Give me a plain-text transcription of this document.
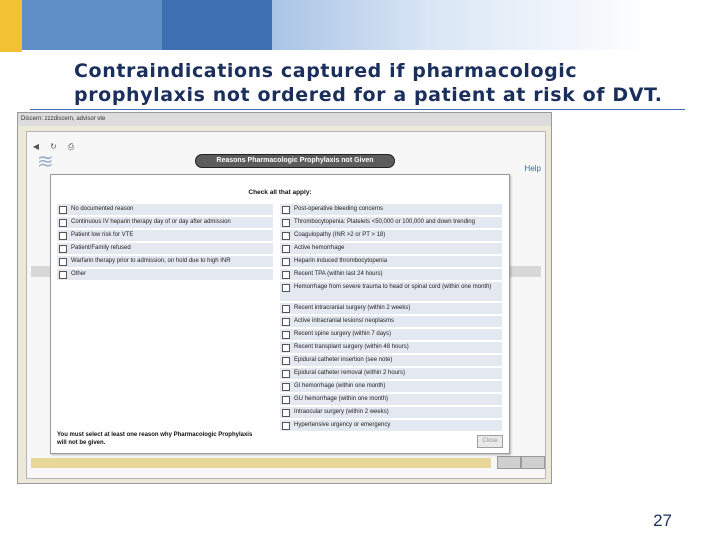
Contraindications captured if pharmacologic prophylaxis not ordered for a patient at risk of DVT.
Discern: zzzdiscern, advisor vte
◀ ↻ ⎙
≋	Reasons Pharmacologic Prophylaxis not Given
Help
Check all that apply:
No documented reason
Continuous IV heparin therapy day of or day after admission
Patient low risk for VTE
Patient/Family refused
Warfarin therapy prior to admission, on hold due to high INR
Other
Post-operative bleeding concerns
Thrombocytopenia: Platelets <50,000 or 100,000 and down trending
Coagulopathy (INR >2 or PT > 18)
Active hemorrhage
Heparin induced thrombocytopenia
Recent TPA (within last 24 hours)
Hemorrhage from severe trauma to head or spinal cord (within one month)
Recent intracranial surgery (within 2 weeks)
Active intracranial lesions/ neoplasms
Recent spine surgery (within 7 days)
Recent transplant surgery (within 48 hours)
Epidural catheter insertion (see note)
Epidural catheter removal (within 2 hours)
GI hemorrhage (within one month)
GU hemorrhage (within one month)
Intraocular surgery (within 2 weeks)
Hypertensive urgency or emergency
You must select at least one reason why Pharmacologic Prophylaxis will not be given.	Close
27
